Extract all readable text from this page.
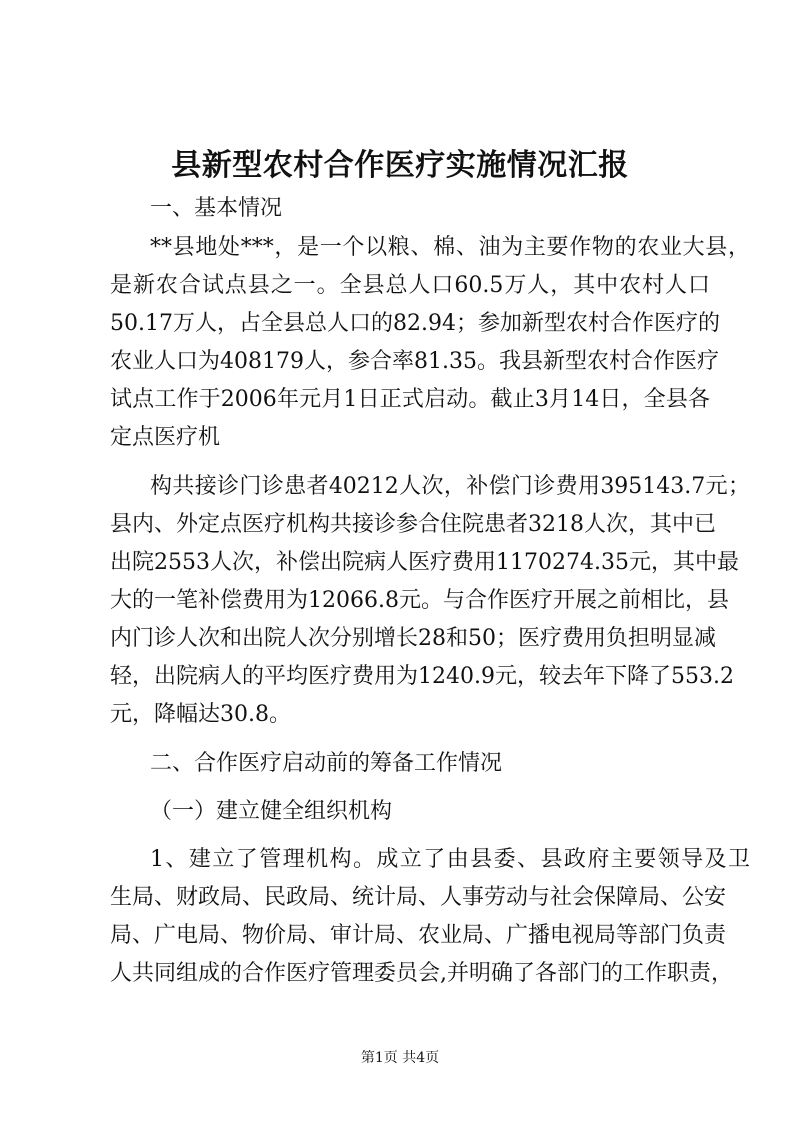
县新型农村合作医疗实施情况汇报
一、基本情况
**县地处***，是一个以粮、棉、油为主要作物的农业大县，
是新农合试点县之一。全县总人口60.5万人，其中农村人口
50.17万人，占全县总人口的82.94；参加新型农村合作医疗的
农业人口为408179人，参合率81.35。我县新型农村合作医疗
试点工作于2006年元月1日正式启动。截止3月14日，全县各
定点医疗机
构共接诊门诊患者40212人次，补偿门诊费用395143.7元；
县内、外定点医疗机构共接诊参合住院患者3218人次，其中已
出院2553人次，补偿出院病人医疗费用1170274.35元，其中最
大的一笔补偿费用为12066.8元。与合作医疗开展之前相比，县
内门诊人次和出院人次分别增长28和50；医疗费用负担明显减
轻，出院病人的平均医疗费用为1240.9元，较去年下降了553.2
元，降幅达30.8。
二、合作医疗启动前的筹备工作情况
（一）建立健全组织机构
1、建立了管理机构。成立了由县委、县政府主要领导及卫
生局、财政局、民政局、统计局、人事劳动与社会保障局、公安
局、广电局、物价局、审计局、农业局、广播电视局等部门负责
人共同组成的合作医疗管理委员会,并明确了各部门的工作职责，
第1页 共4页
